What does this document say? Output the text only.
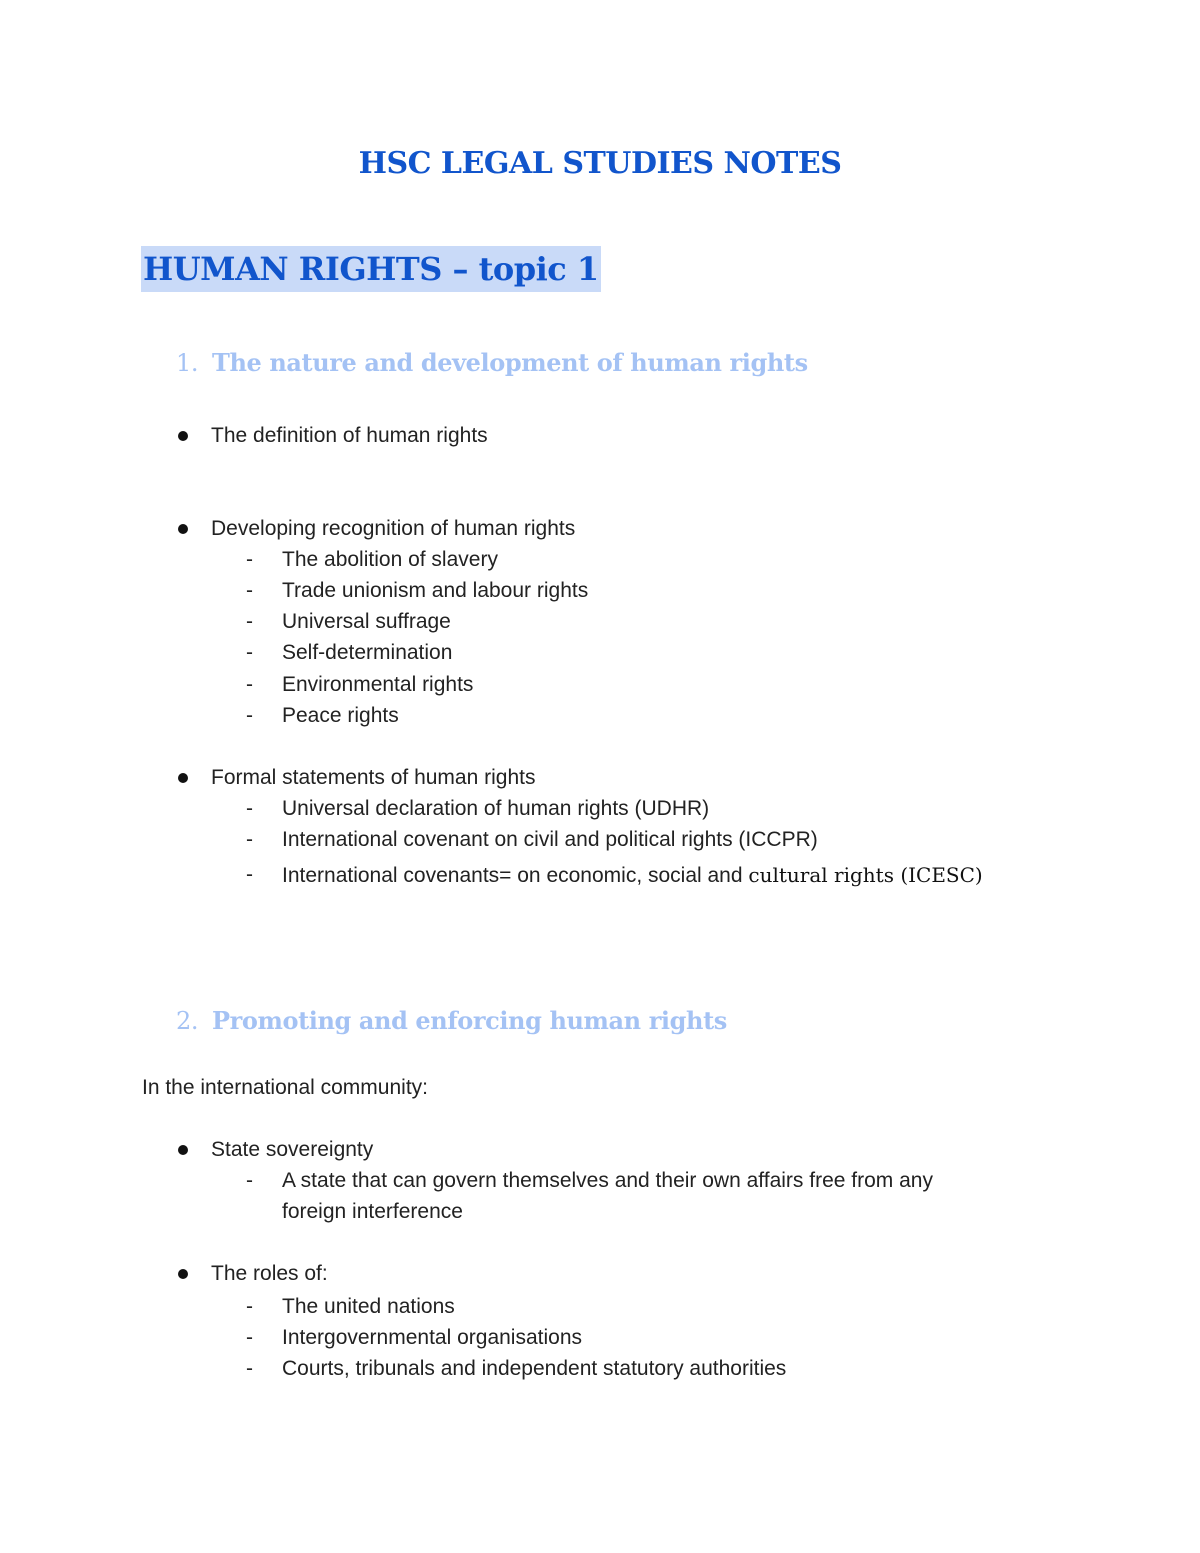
HSC LEGAL STUDIES NOTES
HUMAN RIGHTS – topic 1
1. The nature and development of human rights

The definition of human rights

Developing recognition of human rights

- The abolition of slavery

- Trade unionism and labour rights

- Universal suffrage

- Self-determination

- Environmental rights

- Peace rights

Formal statements of human rights

- Universal declaration of human rights (UDHR)

- International covenant on civil and political rights (ICCPR)

- International covenants= on economic, social and cultural rights (ICESC)

2. Promoting and enforcing human rights

In the international community:

State sovereignty

- A state that can govern themselves and their own affairs free from any

foreign interference

The roles of:

- The united nations

- Intergovernmental organisations

- Courts, tribunals and independent statutory authorities
